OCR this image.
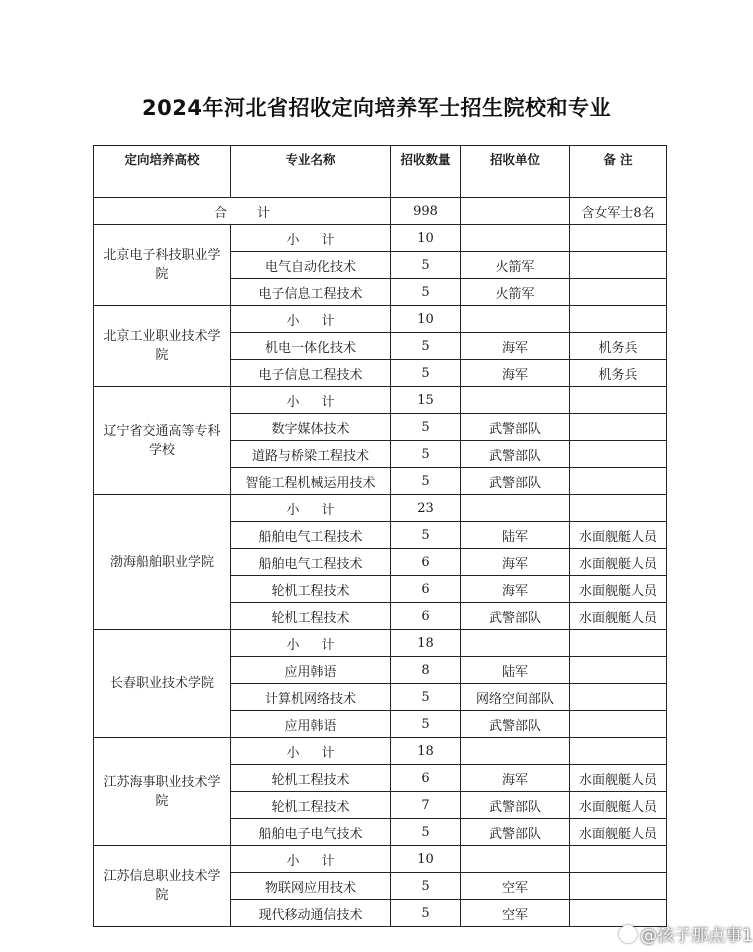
2024年河北省招收定向培养军士招生院校和专业
定向培养高校	专业名称	招收数量	招收单位	备 注
合 计		998		含女军士8名
北京电子科技职业学院	小 计	10		
	电气自动化技术	5	火箭军	
	电子信息工程技术	5	火箭军	
北京工业职业技术学院	小 计	10		
	机电一体化技术	5	海军	机务兵
	电子信息工程技术	5	海军	机务兵
辽宁省交通高等专科学校	小 计	15		
	数字媒体技术	5	武警部队	
	道路与桥梁工程技术	5	武警部队	
	智能工程机械运用技术	5	武警部队	
渤海船舶职业学院	小 计	23		
	船舶电气工程技术	5	陆军	水面舰艇人员
	船舶电气工程技术	6	海军	水面舰艇人员
	轮机工程技术	6	海军	水面舰艇人员
	轮机工程技术	6	武警部队	水面舰艇人员
长春职业技术学院	小 计	18		
	应用韩语	8	陆军	
	计算机网络技术	5	网络空间部队	
	应用韩语	5	武警部队	
江苏海事职业技术学院	小 计	18		
	轮机工程技术	6	海军	水面舰艇人员
	轮机工程技术	7	武警部队	水面舰艇人员
	船舶电子电气技术	5	武警部队	水面舰艇人员
江苏信息职业技术学院	小 计	10		
	物联网应用技术	5	空军	
	现代移动通信技术	5	空军	
@孩子那点事1
